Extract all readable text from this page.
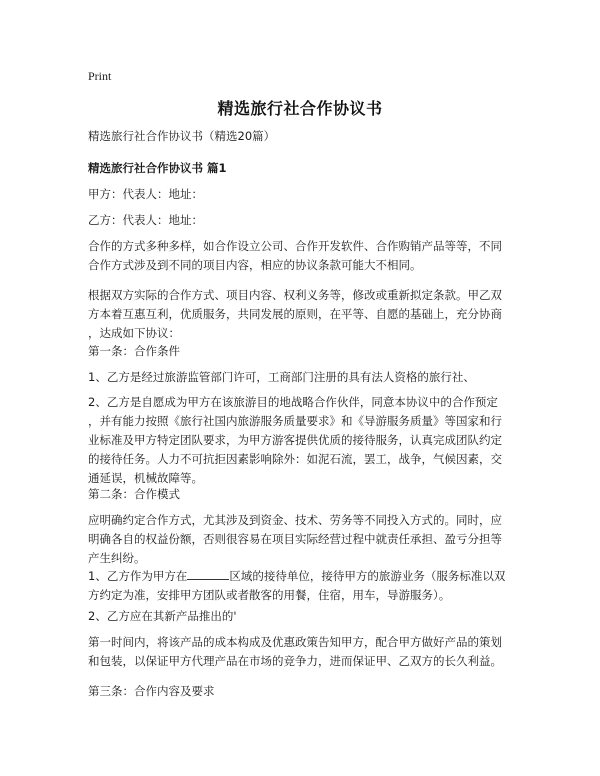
Print
精选旅行社合作协议书
精选旅行社合作协议书（精选20篇）
精选旅行社合作协议书 篇1
甲方：代表人：地址：
乙方：代表人：地址：
合作的方式多种多样，如合作设立公司、合作开发软件、合作购销产品等等，不同
合作方式涉及到不同的项目内容，相应的协议条款可能大不相同。
根据双方实际的合作方式、项目内容、权利义务等，修改或重新拟定条款。甲乙双
方本着互惠互利，优质服务，共同发展的原则，在平等、自愿的基础上，充分协商
，达成如下协议：
第一条：合作条件
1、乙方是经过旅游监管部门许可，工商部门注册的具有法人资格的旅行社、
2、乙方是自愿成为甲方在该旅游目的地战略合作伙伴，同意本协议中的合作预定
，并有能力按照《旅行社国内旅游服务质量要求》和《导游服务质量》等国家和行
业标准及甲方特定团队要求，为甲方游客提供优质的接待服务，认真完成团队约定
的接待任务。人力不可抗拒因素影响除外：如泥石流，罢工，战争，气候因素，交
通延误，机械故障等。
第二条：合作模式
应明确约定合作方式，尤其涉及到资金、技术、劳务等不同投入方式的。同时，应
明确各自的权益份额，否则很容易在项目实际经营过程中就责任承担、盈亏分担等
产生纠纷。
1、乙方作为甲方在	区域的接待单位，接待甲方的旅游业务（服务标准以双
方约定为准，安排甲方团队或者散客的用餐，住宿，用车，导游服务）。
2、乙方应在其新产品推出的'
第一时间内，将该产品的成本构成及优惠政策告知甲方，配合甲方做好产品的策划
和包装，以保证甲方代理产品在市场的竞争力，进而保证甲、乙双方的长久利益。
第三条：合作内容及要求
